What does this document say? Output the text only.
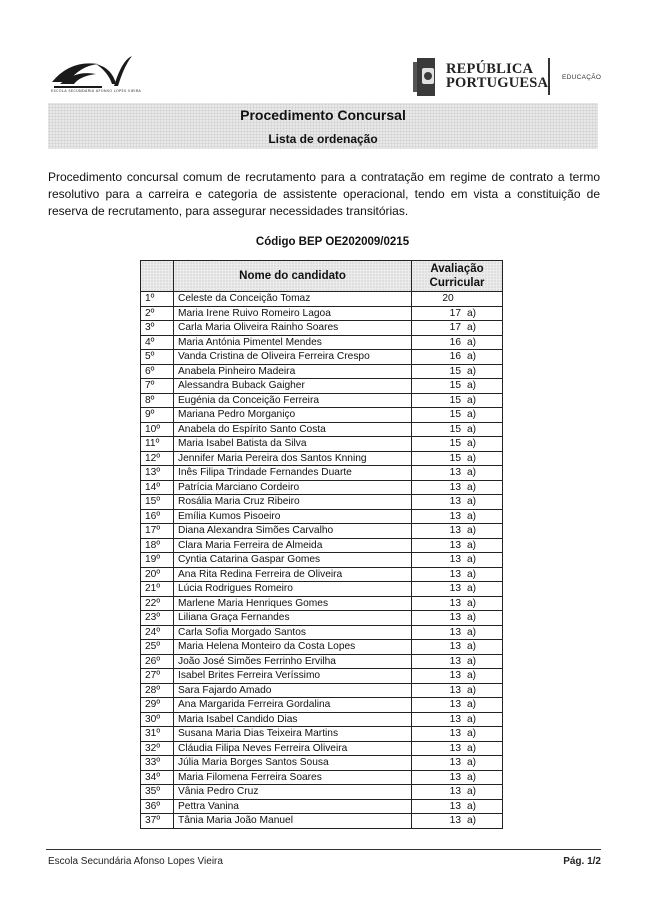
ESCOLA SECUNDÁRIA AFONSO LOPES VIEIRA
REPÚBLICA
PORTUGUESA EDUCAÇÃO
Procedimento Concursal
Lista de ordenação
Procedimento concursal comum de recrutamento para a contratação em regime de contrato a termo resolutivo para a carreira e categoria de assistente operacional, tendo em vista a constituição de reserva de recrutamento, para assegurar necessidades transitórias.
Código BEP OE202009/0215
	Nome do candidato	Avaliação
Curricular

1º	Celeste da Conceição Tomaz	20

2º	Maria Irene Ruivo Romeiro Lagoa	17 a)

3º	Carla Maria Oliveira Rainho Soares	17 a)

4º	Maria Antónia Pimentel Mendes	16 a)

5º	Vanda Cristina de Oliveira Ferreira Crespo	16 a)

6º	Anabela Pinheiro Madeira	15 a)

7º	Alessandra Buback Gaigher	15 a)

8º	Eugénia da Conceição Ferreira	15 a)

9º	Mariana Pedro Morganiço	15 a)

10º	Anabela do Espírito Santo Costa	15 a)

11º	Maria Isabel Batista da Silva	15 a)

12º	Jennifer Maria Pereira dos Santos Knning	15 a)

13º	Inês Filipa Trindade Fernandes Duarte	13 a)

14º	Patrícia Marciano Cordeiro	13 a)

15º	Rosália Maria Cruz Ribeiro	13 a)

16º	Emília Kumos Pisoeiro	13 a)

17º	Diana Alexandra Simões Carvalho	13 a)

18º	Clara Maria Ferreira de Almeida	13 a)

19º	Cyntia Catarina Gaspar Gomes	13 a)

20º	Ana Rita Redina Ferreira de Oliveira	13 a)

21º	Lúcia Rodrigues Romeiro	13 a)

22º	Marlene Maria Henriques Gomes	13 a)

23º	Liliana Graça Fernandes	13 a)

24º	Carla Sofia Morgado Santos	13 a)

25º	Maria Helena Monteiro da Costa Lopes	13 a)

26º	João José Simões Ferrinho Ervilha	13 a)

27º	Isabel Brites Ferreira Veríssimo	13 a)

28º	Sara Fajardo Amado	13 a)

29º	Ana Margarida Ferreira Gordalina	13 a)

30º	Maria Isabel Candido Dias	13 a)

31º	Susana Maria Dias Teixeira Martins	13 a)

32º	Cláudia Filipa Neves Ferreira Oliveira	13 a)

33º	Júlia Maria Borges Santos Sousa	13 a)

34º	Maria Filomena Ferreira Soares	13 a)

35º	Vânia Pedro Cruz	13 a)

36º	Pettra Vanina	13 a)

37º	Tânia Maria João Manuel	13 a)
Escola Secundária Afonso Lopes Vieira	Pág. 1/2
